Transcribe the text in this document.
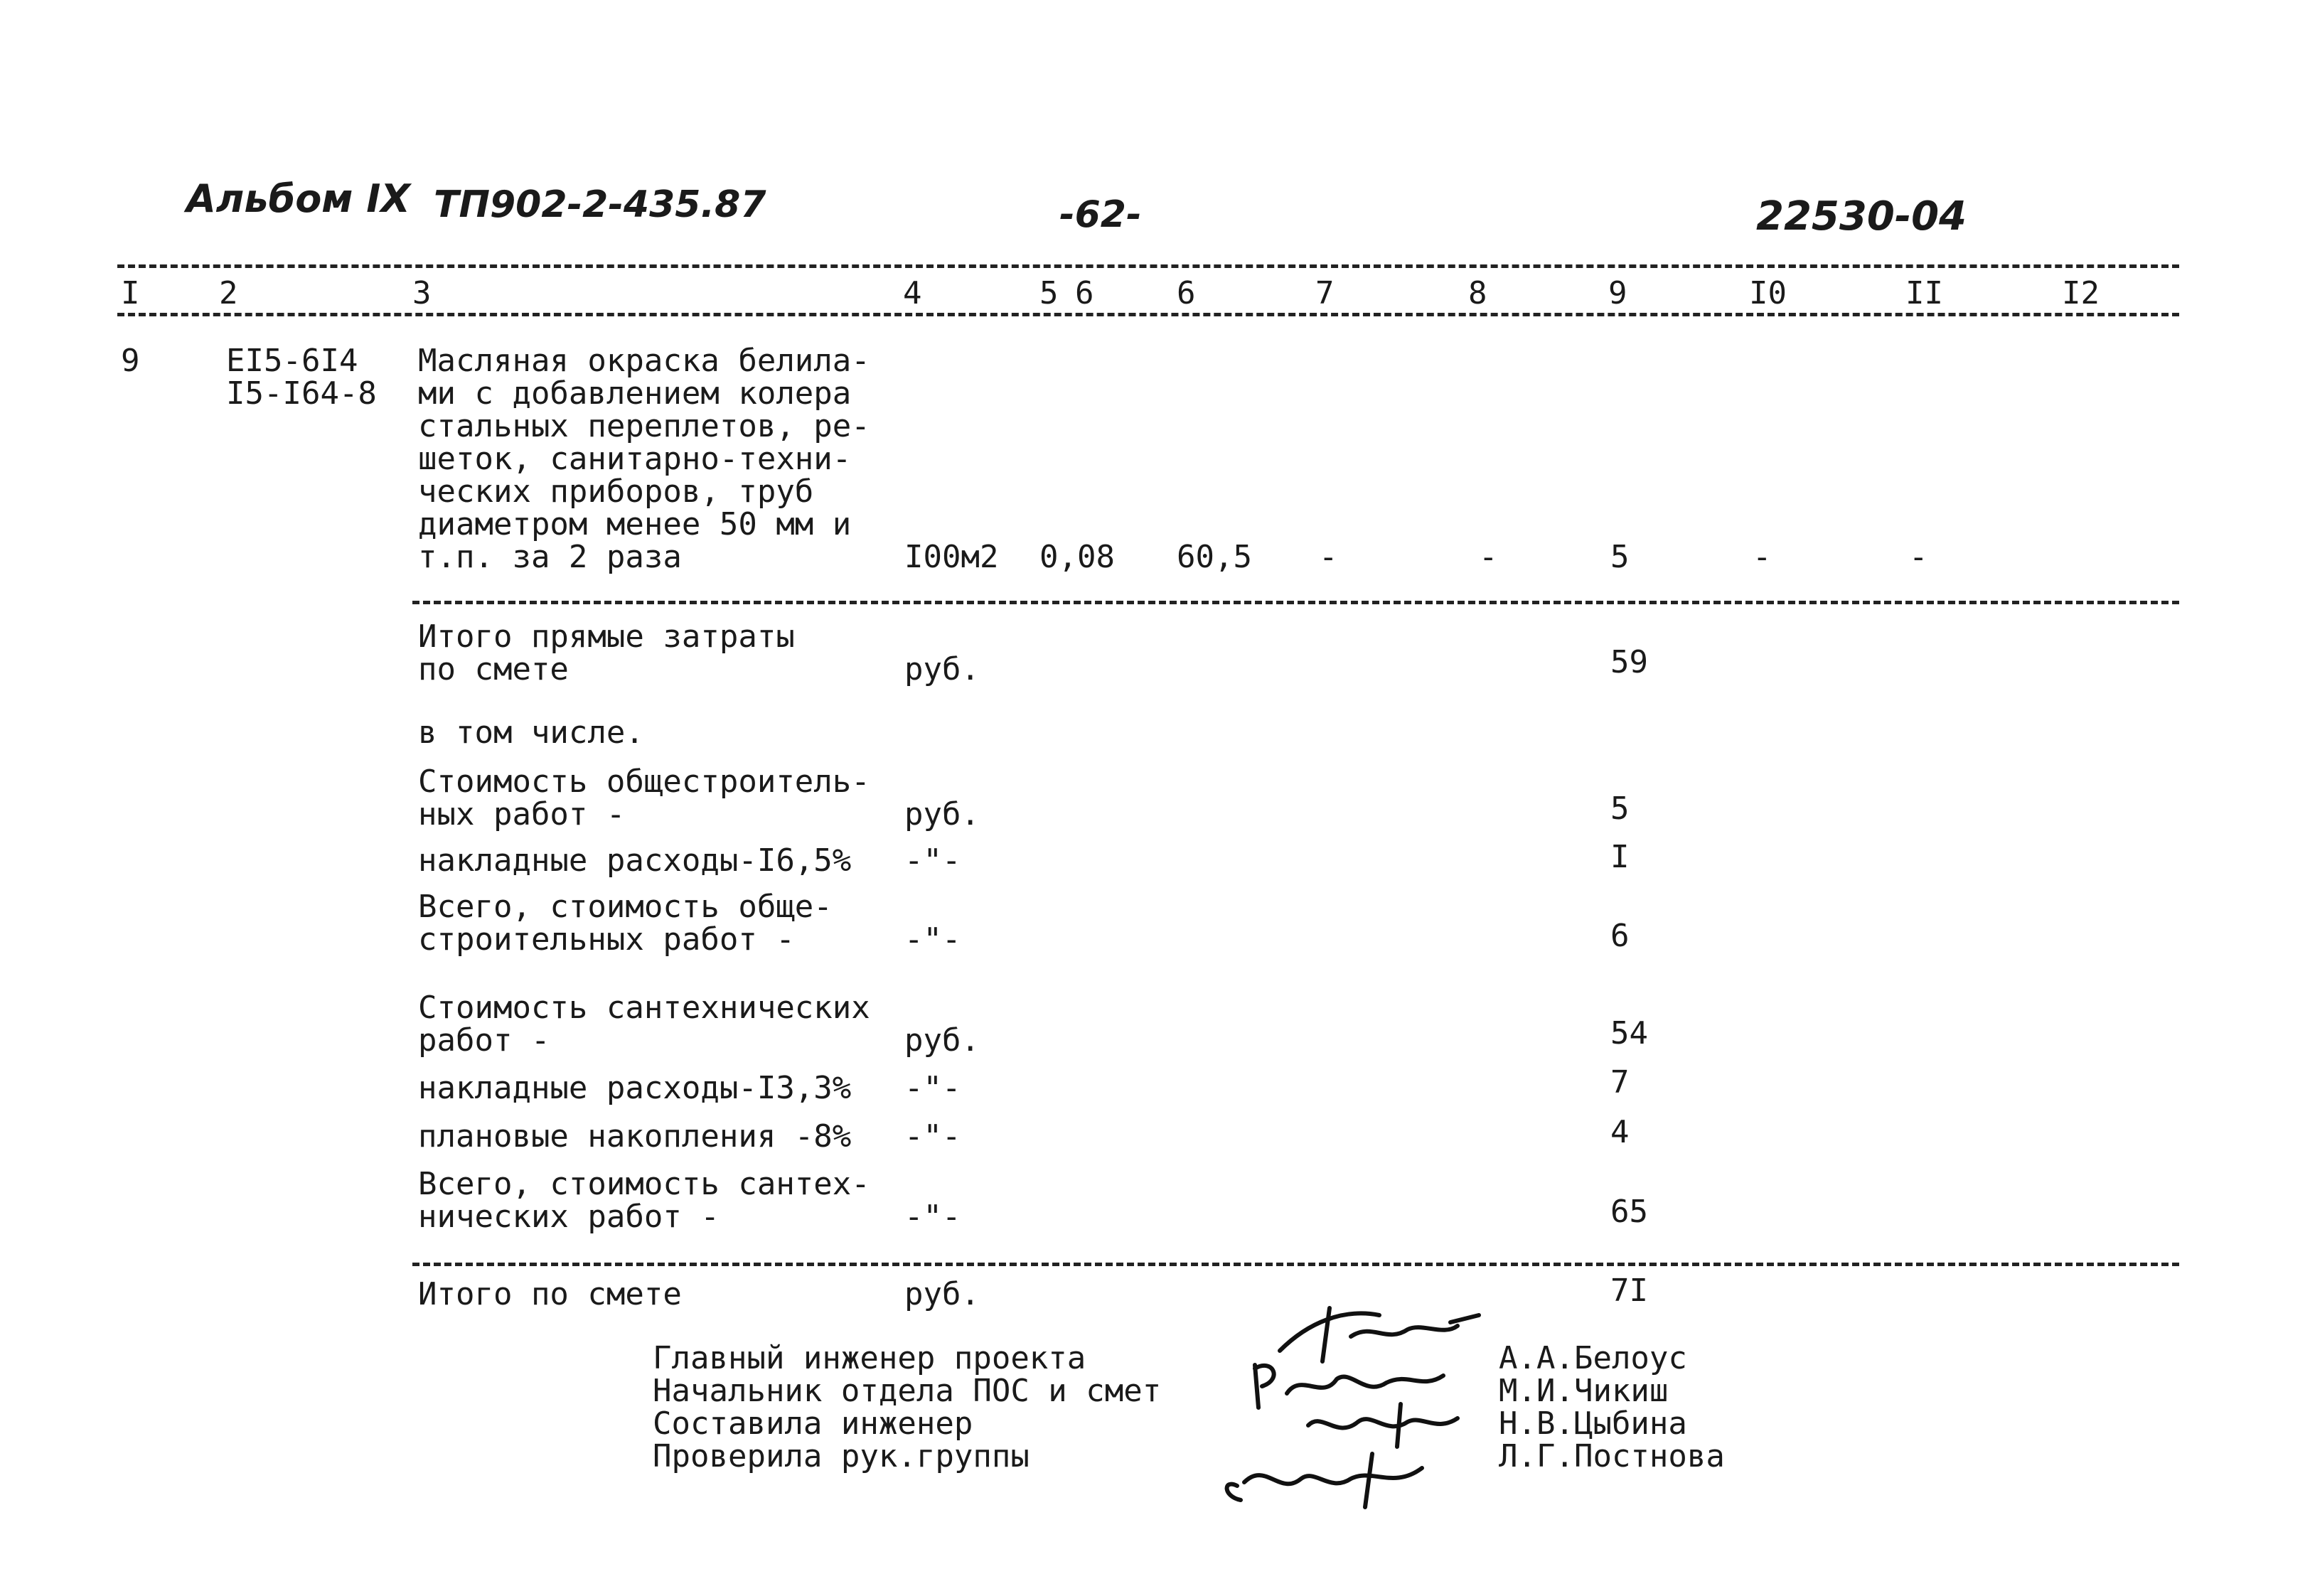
Альбом IX ТП902-2-435.87	-62-	22530-04
I	2	3	4	5 6	6	7	8	9	I0	II	I2
9	EI5-6I4
I5-I64-8
Масляная окраска белила-
ми с добавлением колера
стальных переплетов, ре-
шеток, санитарно-техни-
ческих приборов, труб
диаметром менее 50 мм и
т.п. за 2 раза	I00м2 0,08 60,5 -	-	5	-	-
Итого прямые затраты
по смете	руб.	59
в том числе.
Стоимость общестроитель-
ных работ -	руб.	5
накладные расходы-I6,5% -"-	I
Всего, стоимость обще-
строительных работ -	-"-	6
Стоимость сантехнических
работ -	руб.	54
накладные расходы-I3,3% -"-	7
плановые накопления -8% -"-	4
Всего, стоимость сантех-
нических работ -	-"-	65
Итого по смете	руб.	7I
Главный инженер проекта	А.А.Белоус
Начальник отдела ПОС и смет	М.И.Чикиш
Составила инженер	Н.В.Цыбина
Проверила рук.группы	Л.Г.Постнова
